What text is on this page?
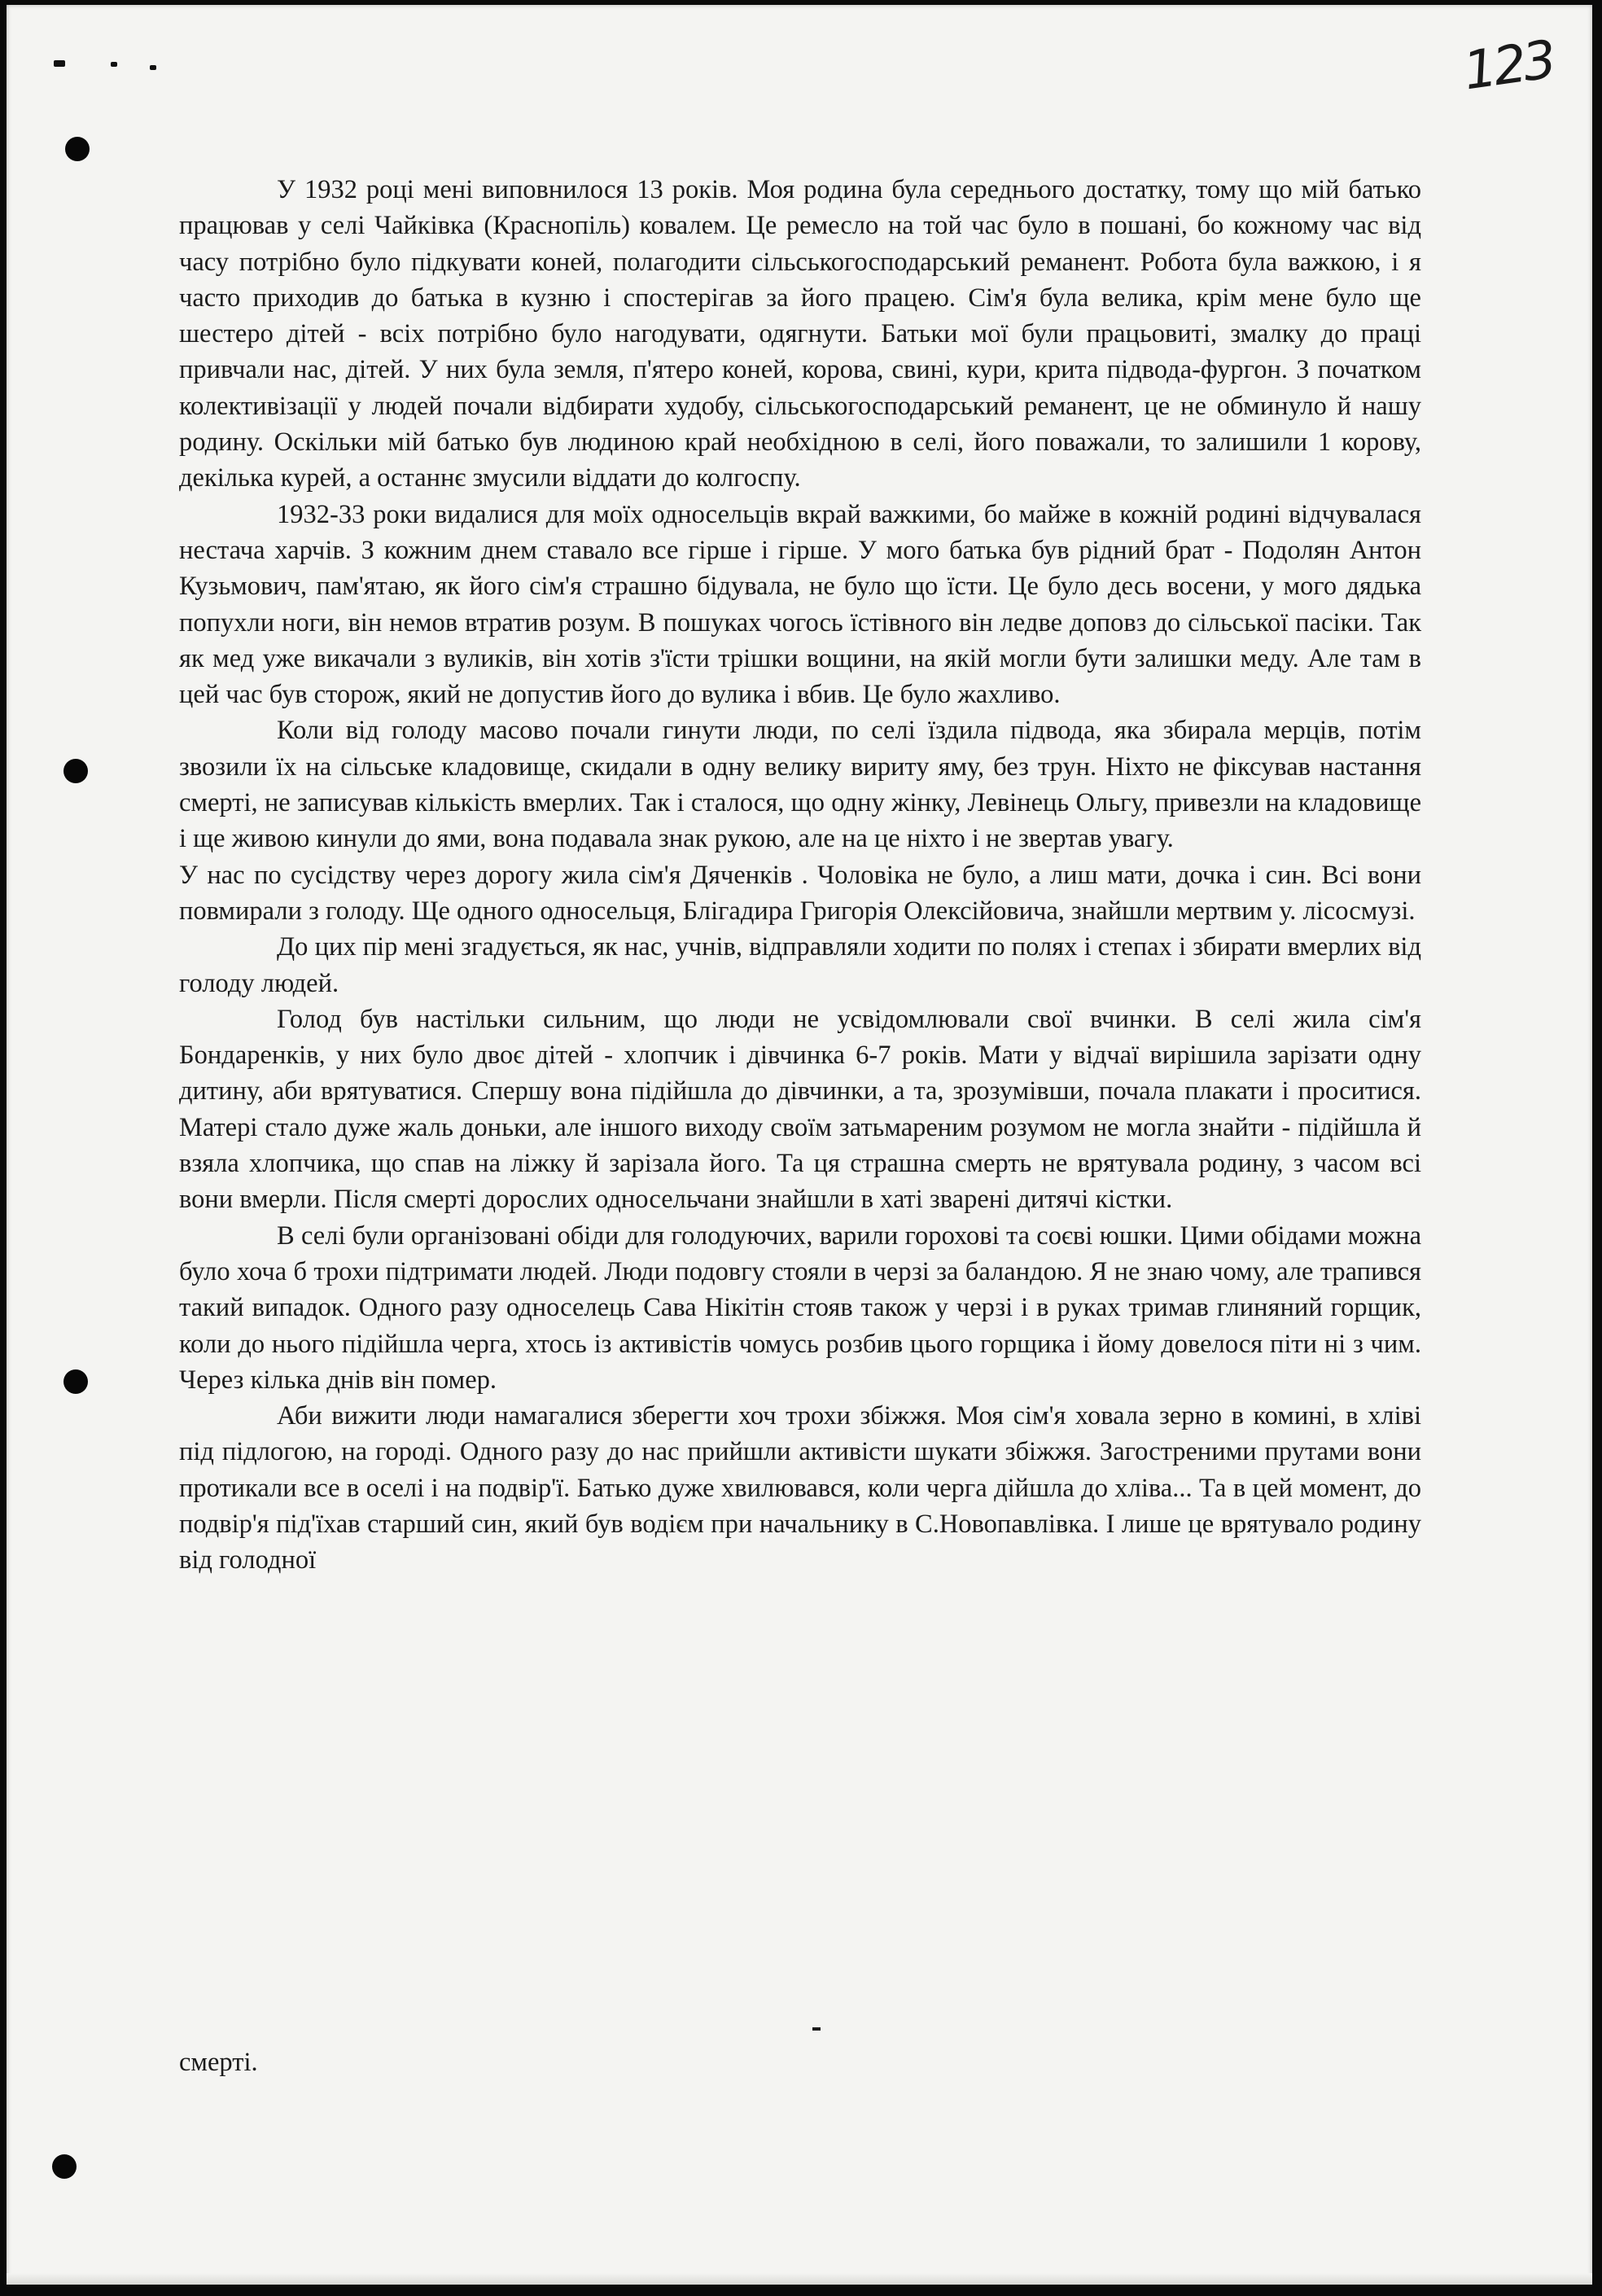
123

У 1932 році мені виповнилося 13 років. Моя родина була середнього достатку, тому що мій батько працював у селі Чайківка (Краснопіль) ковалем. Це ремесло на той час було в пошані, бо кожному час від часу потрібно було підкувати коней, полагодити сільськогосподарський реманент. Робота була важкою, і я часто приходив до батька в кузню і спостерігав за його працею. Сім'я була велика, крім мене було ще шестеро дітей - всіх потрібно було нагодувати, одягнути. Батьки мої були працьовиті, змалку до праці привчали нас, дітей. У них була земля, п'ятеро коней, корова, свині, кури, крита підвода-фургон. З початком колективізації у людей почали відбирати худобу, сільськогосподарський реманент, це не обминуло й нашу родину. Оскільки мій батько був людиною край необхідною в селі, його поважали, то залишили 1 корову, декілька курей, а останнє змусили віддати до колгоспу.

1932-33 роки видалися для моїх односельців вкрай важкими, бо майже в кожній родині відчувалася нестача харчів. З кожним днем ставало все гірше і гірше. У мого батька був рідний брат - Подолян Антон Кузьмович, пам'ятаю, як його сім'я страшно бідувала, не було що їсти. Це було десь восени, у мого дядька попухли ноги, він немов втратив розум. В пошуках чогось їстівного він ледве доповз до сільської пасіки. Так як мед уже викачали з вуликів, він хотів з'їсти трішки вощини, на якій могли бути залишки меду. Але там в цей час був сторож, який не допустив його до вулика і вбив. Це було жахливо.

Коли від голоду масово почали гинути люди, по селі їздила підвода, яка збирала мерців, потім звозили їх на сільське кладовище, скидали в одну велику вириту яму, без трун. Ніхто не фіксував настання смерті, не записував кількість вмерлих. Так і сталося, що одну жінку, Левінець Ольгу, привезли на кладовище і ще живою кинули до ями, вона подавала знак рукою, але на це ніхто і не звертав увагу.

У нас по сусідству через дорогу жила сім'я Дяченків . Чоловіка не було, а лиш мати, дочка і син. Всі вони повмирали з голоду. Ще одного односельця, Блігадира Григорія Олексійовича, знайшли мертвим у. лісосмузі.

До цих пір мені згадується, як нас, учнів, відправляли ходити по полях і степах і збирати вмерлих від голоду людей.

Голод був настільки сильним, що люди не усвідомлювали свої вчинки. В селі жила сім'я Бондаренків, у них було двоє дітей - хлопчик і дівчинка 6-7 років. Мати у відчаї вирішила зарізати одну дитину, аби врятуватися. Спершу вона підійшла до дівчинки, а та, зрозумівши, почала плакати і проситися. Матері стало дуже жаль доньки, але іншого виходу своїм затьмареним розумом не могла знайти - підійшла й взяла хлопчика, що спав на ліжку й зарізала його. Та ця страшна смерть не врятувала родину, з часом всі вони вмерли. Після смерті дорослих односельчани знайшли в хаті зварені дитячі кістки.

В селі були організовані обіди для голодуючих, варили горохові та соєві юшки. Цими обідами можна було хоча б трохи підтримати людей. Люди подовгу стояли в черзі за баландою. Я не знаю чому, але трапився такий випадок. Одного разу односелець Сава Нікітін стояв також у черзі і в руках тримав глиняний горщик, коли до нього підійшла черга, хтось із активістів чомусь розбив цього горщика і йому довелося піти ні з чим. Через кілька днів він помер.

Аби вижити люди намагалися зберегти хоч трохи збіжжя. Моя сім'я ховала зерно в комині, в хліві під підлогою, на городі. Одного разу до нас прийшли активісти шукати збіжжя. Загостреними прутами вони протикали все в оселі і на подвір'ї. Батько дуже хвилювався, коли черга дійшла до хліва... Та в цей момент, до подвір'я під'їхав старший син, який був водієм при начальнику в С.Новопавлівка. І лише це врятувало родину від голодної

смерті.
